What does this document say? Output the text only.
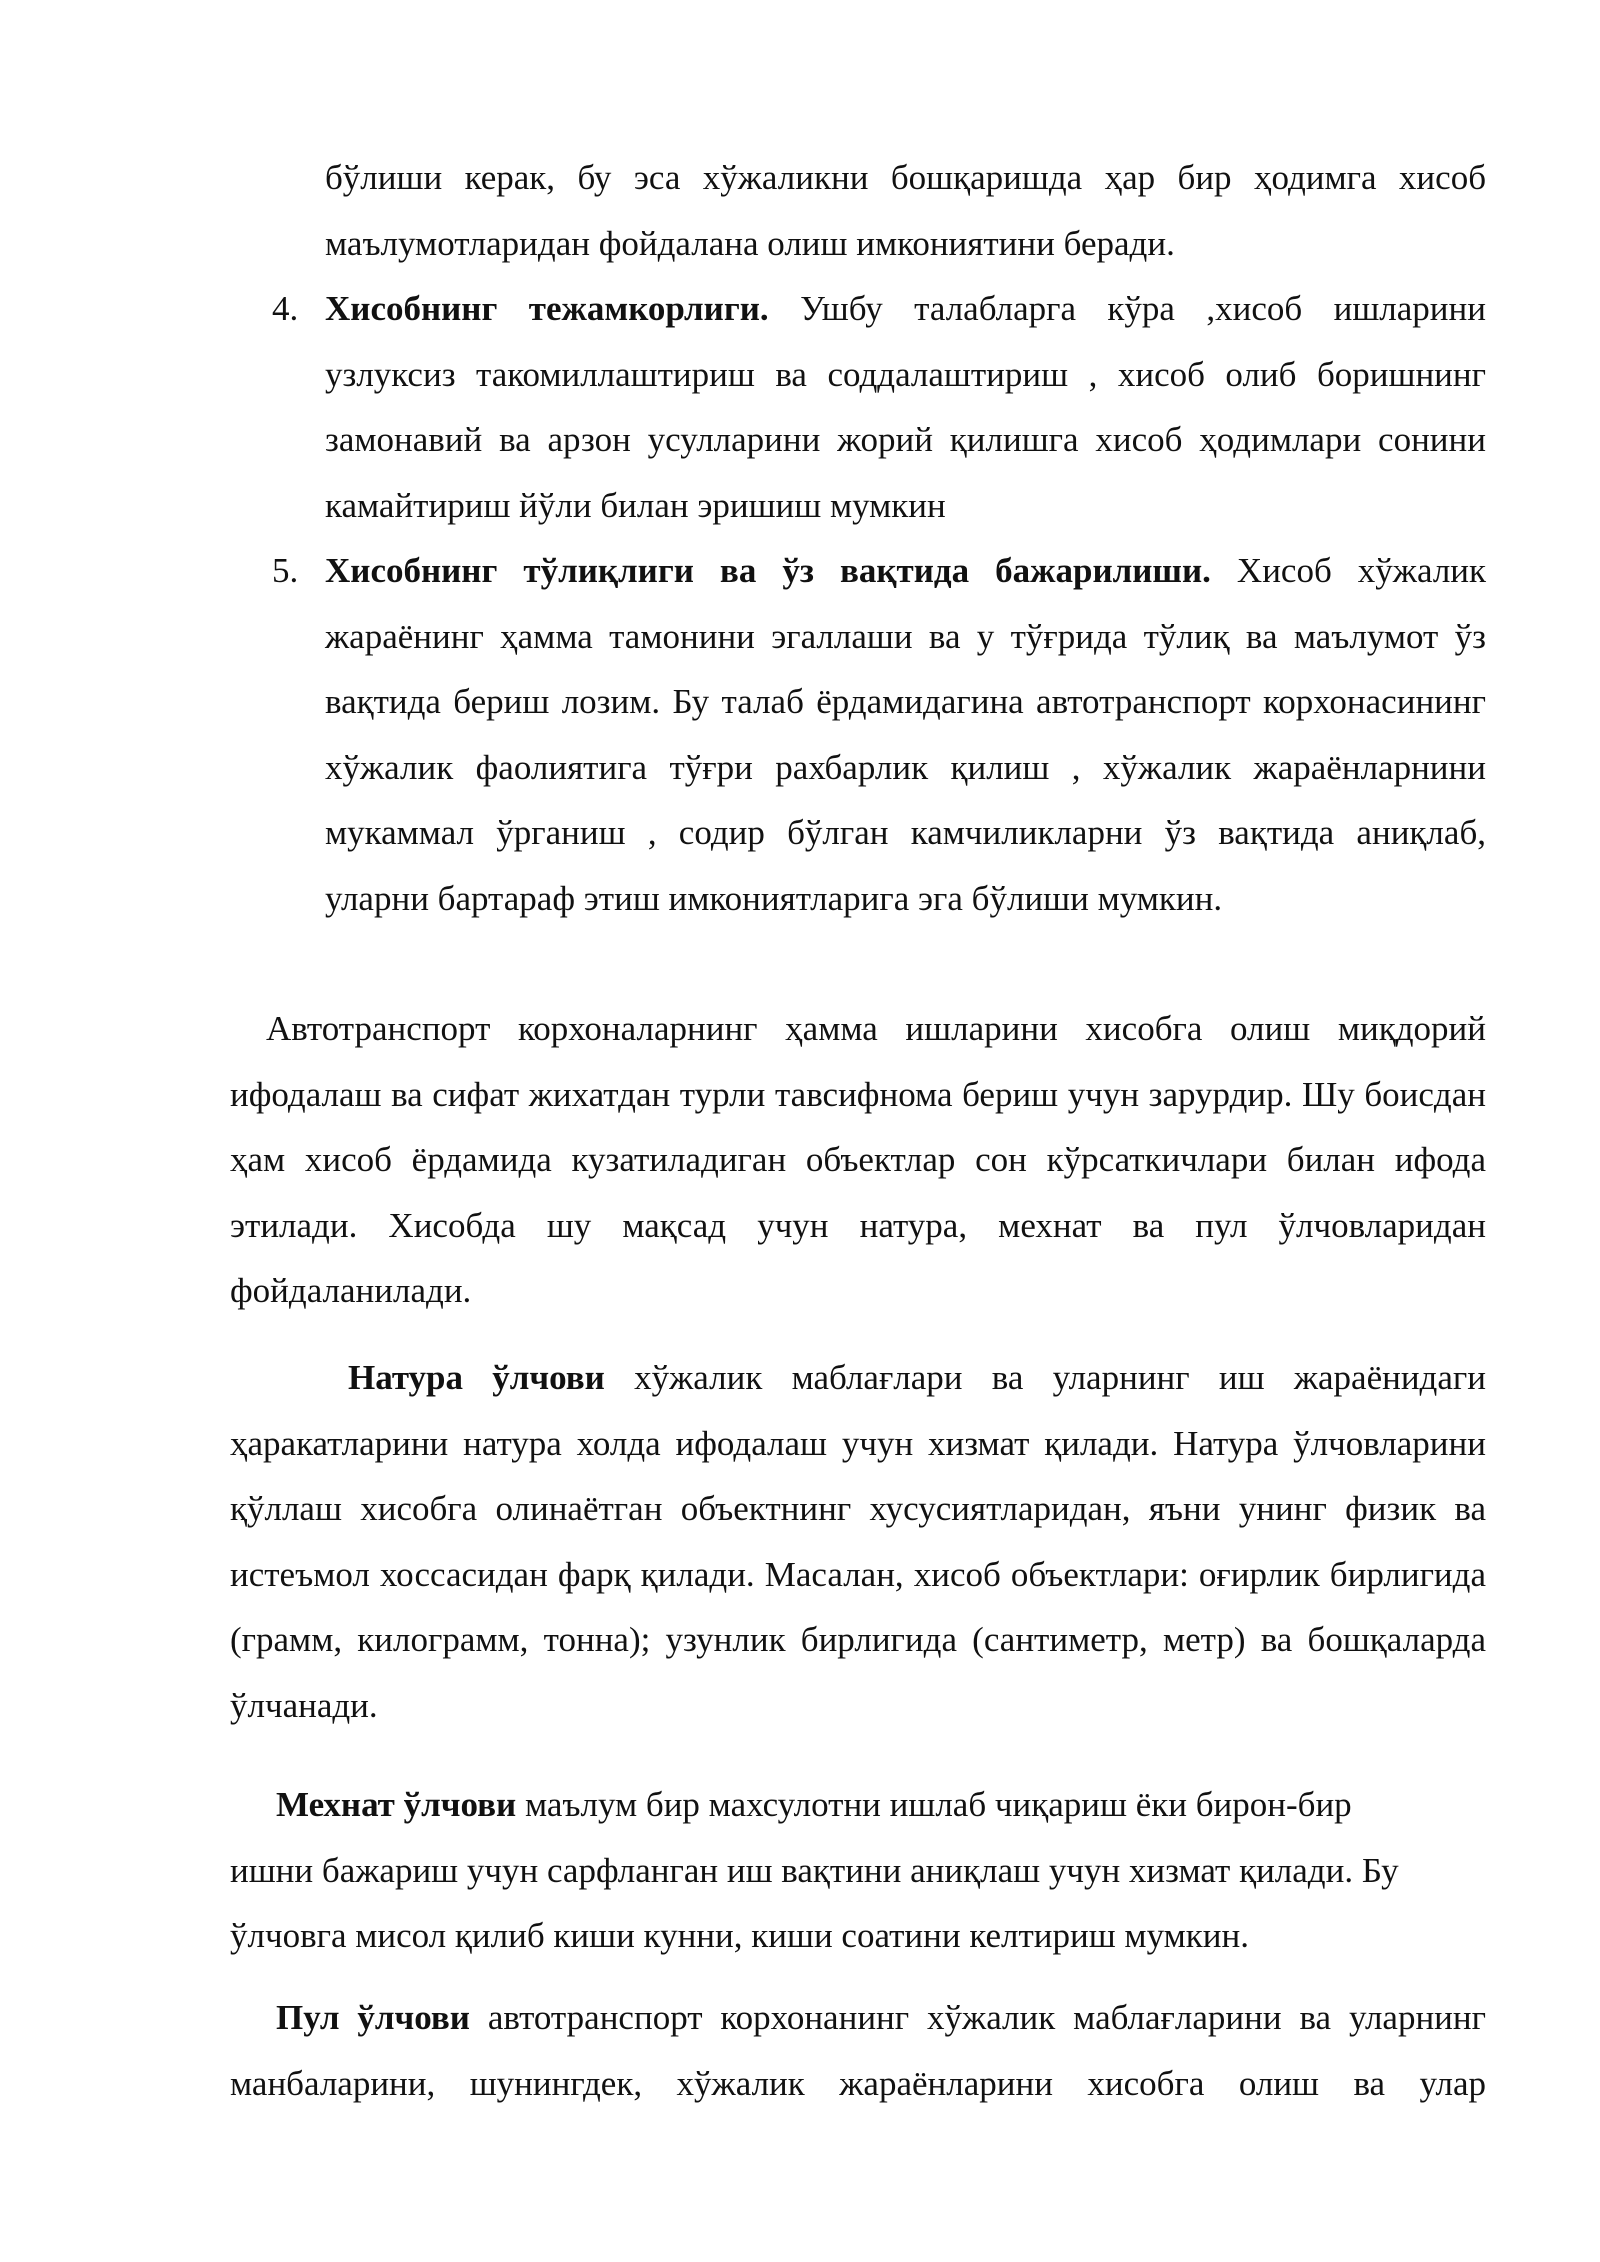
бўлиши керак, бу эса хўжаликни бошқаришда ҳар бир ҳодимга хисоб маълумотларидан фойдалана олиш имкониятини беради.

4. Хисобнинг тежамкорлиги. Ушбу талабларга кўра ,хисоб ишларини узлуксиз такомиллаштириш ва соддалаштириш , хисоб олиб боришнинг замонавий ва арзон усулларини жорий қилишга хисоб ҳодимлари сонини камайтириш йўли билан эришиш мумкин

5. Хисобнинг тўлиқлиги ва ўз вақтида бажарилиши. Хисоб хўжалик жараёнинг ҳамма тамонини эгаллаши ва у тўғрида тўлиқ ва маълумот ўз вақтида бериш лозим. Бу талаб ёрдамидагина автотранспорт корхонасининг хўжалик фаолиятига тўғри рахбарлик қилиш , хўжалик жараёнларнини мукаммал ўрганиш , содир бўлган камчиликларни ўз вақтида аниқлаб, уларни бартараф этиш имкониятларига эга бўлиши мумкин.

Автотранспорт корхоналарнинг ҳамма ишларини хисобга олиш миқдорий ифодалаш ва сифат жихатдан турли тавсифнома бериш учун зарурдир. Шу боисдан ҳам хисоб ёрдамида кузатиладиган объектлар сон кўрсаткичлари билан ифода этилади. Хисобда шу мақсад учун натура, мехнат ва пул ўлчовларидан фойдаланилади.

Натура ўлчови хўжалик маблағлари ва уларнинг иш жараёнидаги ҳаракатларини натура холда ифодалаш учун хизмат қилади. Натура ўлчовларини қўллаш хисобга олинаётган объектнинг хусусиятларидан, яъни унинг физик ва истеъмол хоссасидан фарқ қилади. Масалан, хисоб объектлари: оғирлик бирлигида (грамм, килограмм, тонна); узунлик бирлигида (сантиметр, метр) ва бошқаларда ўлчанади.

Мехнат ўлчови маълум бир махсулотни ишлаб чиқариш ёки бирон-бир
ишни бажариш учун сарфланган иш вақтини аниқлаш учун хизмат қилади. Бу ўлчовга мисол қилиб киши кунни, киши соатини келтириш мумкин.

Пул ўлчови автотранспорт корхонанинг хўжалик маблағларини ва уларнинг манбаларини, шунингдек, хўжалик жараёнларини хисобга олиш ва улар
